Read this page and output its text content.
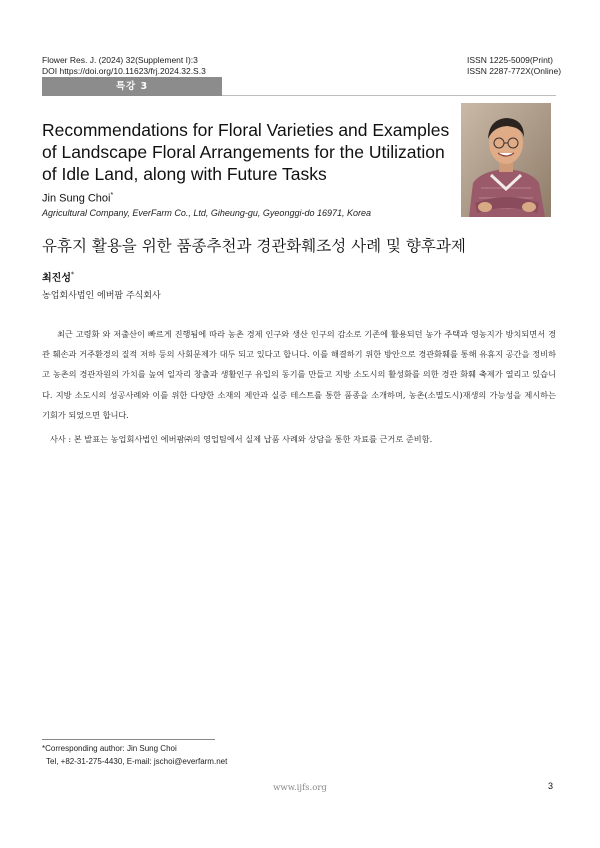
Flower Res. J. (2024) 32(Supplement I):3
DOI https://doi.org/10.11623/frj.2024.32.S.3
ISSN 1225-5009(Print)
ISSN 2287-772X(Online)
특강 3
Recommendations for Floral Varieties and Examples of Landscape Floral Arrangements for the Utilization of Idle Land, along with Future Tasks
Jin Sung Choi*
Agricultural Company, EverFarm Co., Ltd, Giheung-gu, Gyeonggi-do 16971, Korea
유휴지 활용을 위한 품종추천과 경관화훼조성 사례 및 향후과제
최진성*
농업회사법인 에버팜 주식회사

최근 고령화 와 저출산이 빠르게 진행됨에 따라 농촌 경제 인구와 생산 인구의 감소로 기존에 활용되던 농가 주택과 영농지가 방치되면서 경관 훼손과 거주환경의 질적 저하 등의 사회문제가 대두 되고 있다고 합니다. 이를 해결하기 위한 방안으로 경관화훼를 통해 유휴지 공간을 정비하고 농촌의 경관자원의 가치를 높여 일자리 창출과 생활인구 유입의 동기를 만들고 지방 소도시의 활성화를 의한 경관 화훼 축제가 열리고 있습니다. 지방 소도시의 성공사례와 이를 위한 다양한 소재의 제안과 실증 테스트를 통한 품종을 소개하며, 농촌(소멸도시)재생의 가능성을 제시하는 기회가 되었으면 합니다.

사사 : 본 발표는 농업회사법인 에버팜㈜의 영업팀에서 실제 납품 사례와 상담을 통한 자료를 근거로 준비함.

*Corresponding author: Jin Sung Choi
Tel, +82-31-275-4430, E-mail: jschoi@everfarm.net
www.ijfs.org	3
